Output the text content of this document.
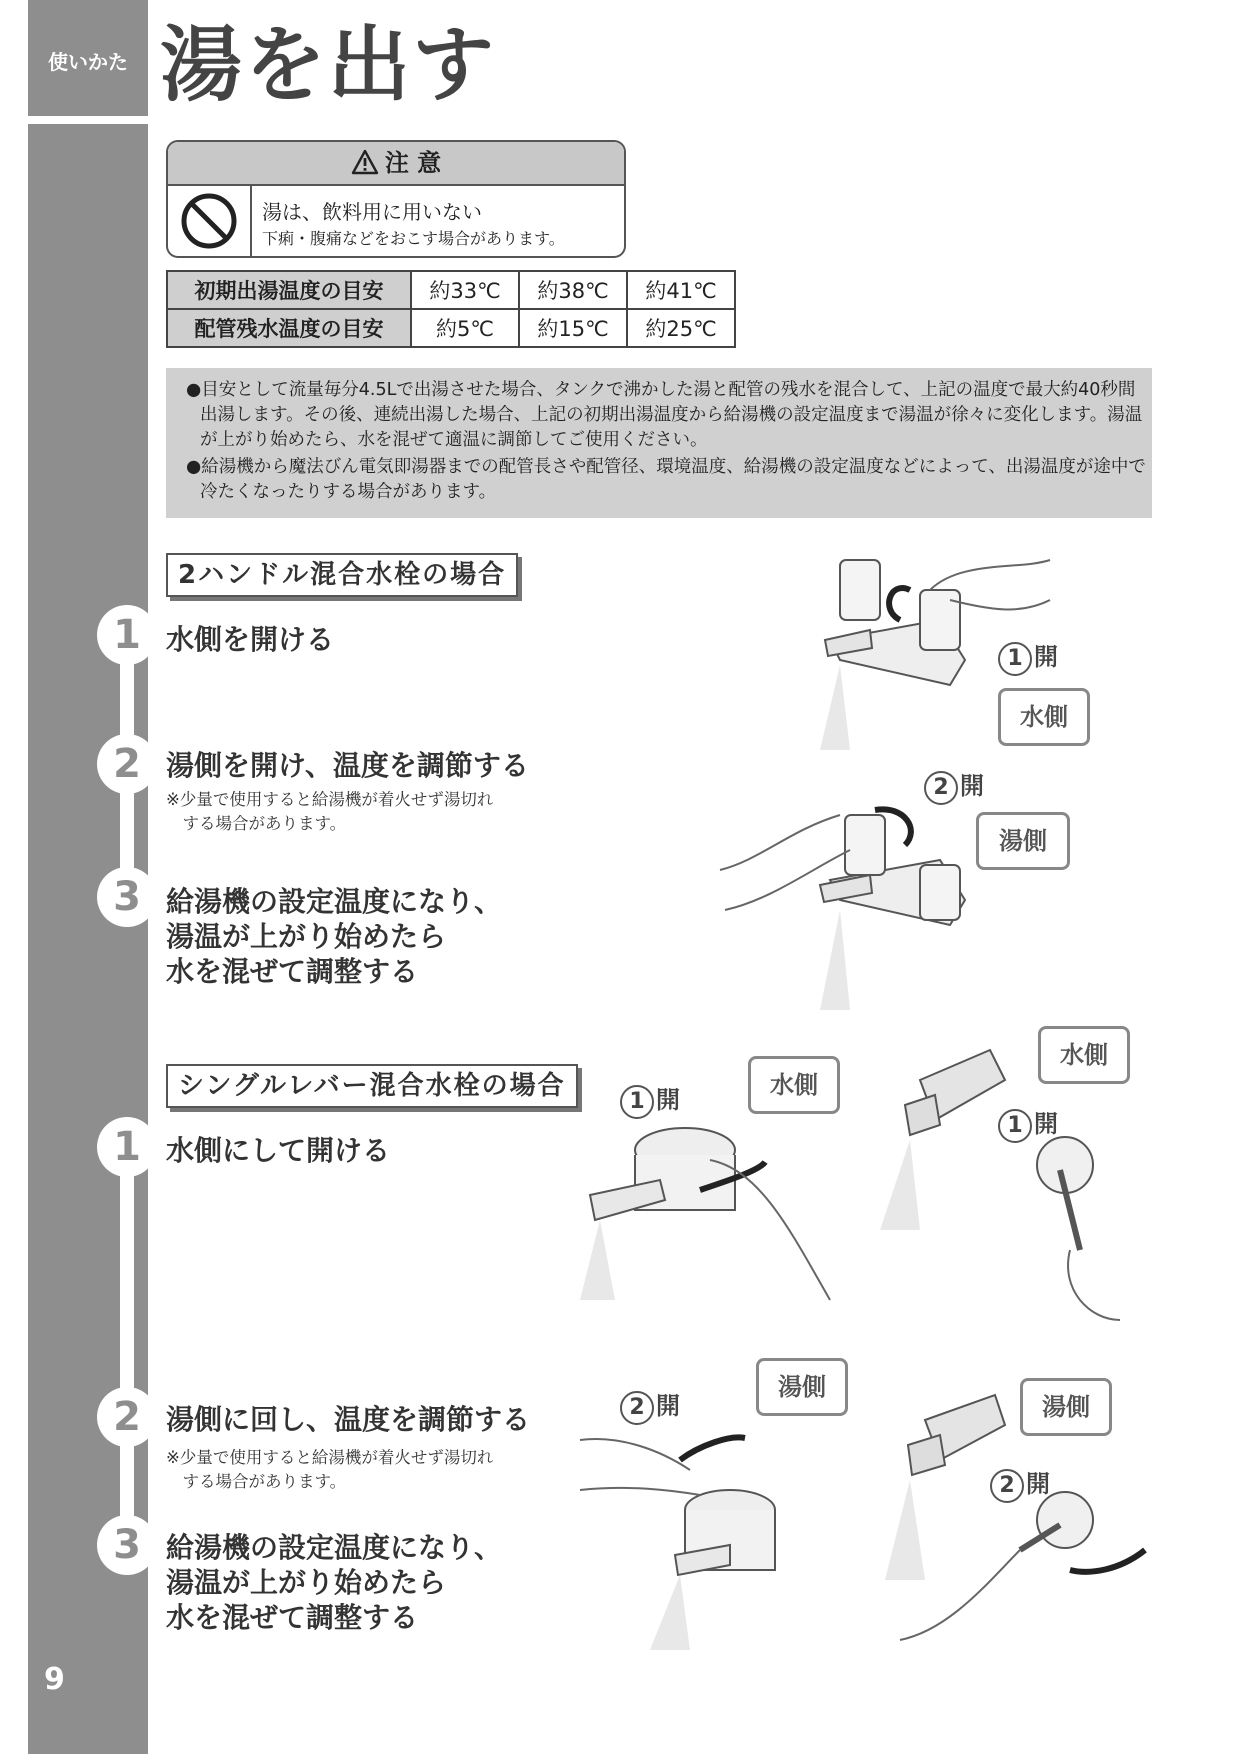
使いかた
9
湯を出す
注 意
湯は、飲料用に用いない
下痢・腹痛などをおこす場合があります。
初期出湯温度の目安	約33℃	約38℃	約41℃
配管残水温度の目安	約5℃	約15℃	約25℃
●目安として流量毎分4.5Lで出湯させた場合、タンクで沸かした湯と配管の残水を混合して、上記の温度で最大約40秒間出湯します。その後、連続出湯した場合、上記の初期出湯温度から給湯機の設定温度まで湯温が徐々に変化します。湯温が上がり始めたら、水を混ぜて適温に調節してご使用ください。
●給湯機から魔法びん電気即湯器までの配管長さや配管径、環境温度、給湯機の設定温度などによって、出湯温度が途中で冷たくなったりする場合があります。
2ハンドル混合水栓の場合
1
2
3
水側を開ける
湯側を開け、温度を調節する
※少量で使用すると給湯機が着火せず湯切れ
　する場合があります。
給湯機の設定温度になり、
湯温が上がり始めたら
水を混ぜて調整する
1 開
水側
2 開
湯側
シングルレバー混合水栓の場合
1
2
3
水側にして開ける
湯側に回し、温度を調節する
※少量で使用すると給湯機が着火せず湯切れ
　する場合があります。
給湯機の設定温度になり、
湯温が上がり始めたら
水を混ぜて調整する
1 開
水側
1 開
水側
2 開
湯側
2 開
湯側
